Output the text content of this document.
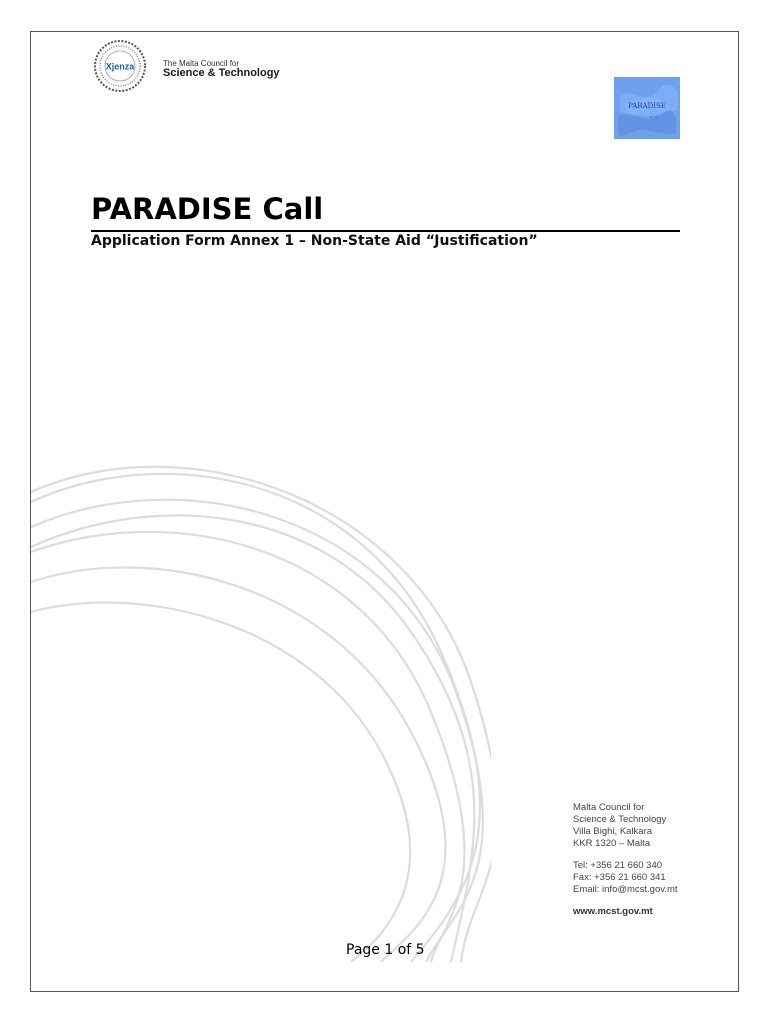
Xjenza	The Malta Council for
Science & Technology
PARADISE
~ ~
PARADISE Call
Application Form Annex 1 – Non-State Aid “Justification”
Malta Council for
Science & Technology
Villa Bighi, Kalkara
KKR 1320 – Malta
Tel: +356 21 660 340
Fax: +356 21 660 341
Email: info@mcst.gov.mt
www.mcst.gov.mt
Page 1 of 5
